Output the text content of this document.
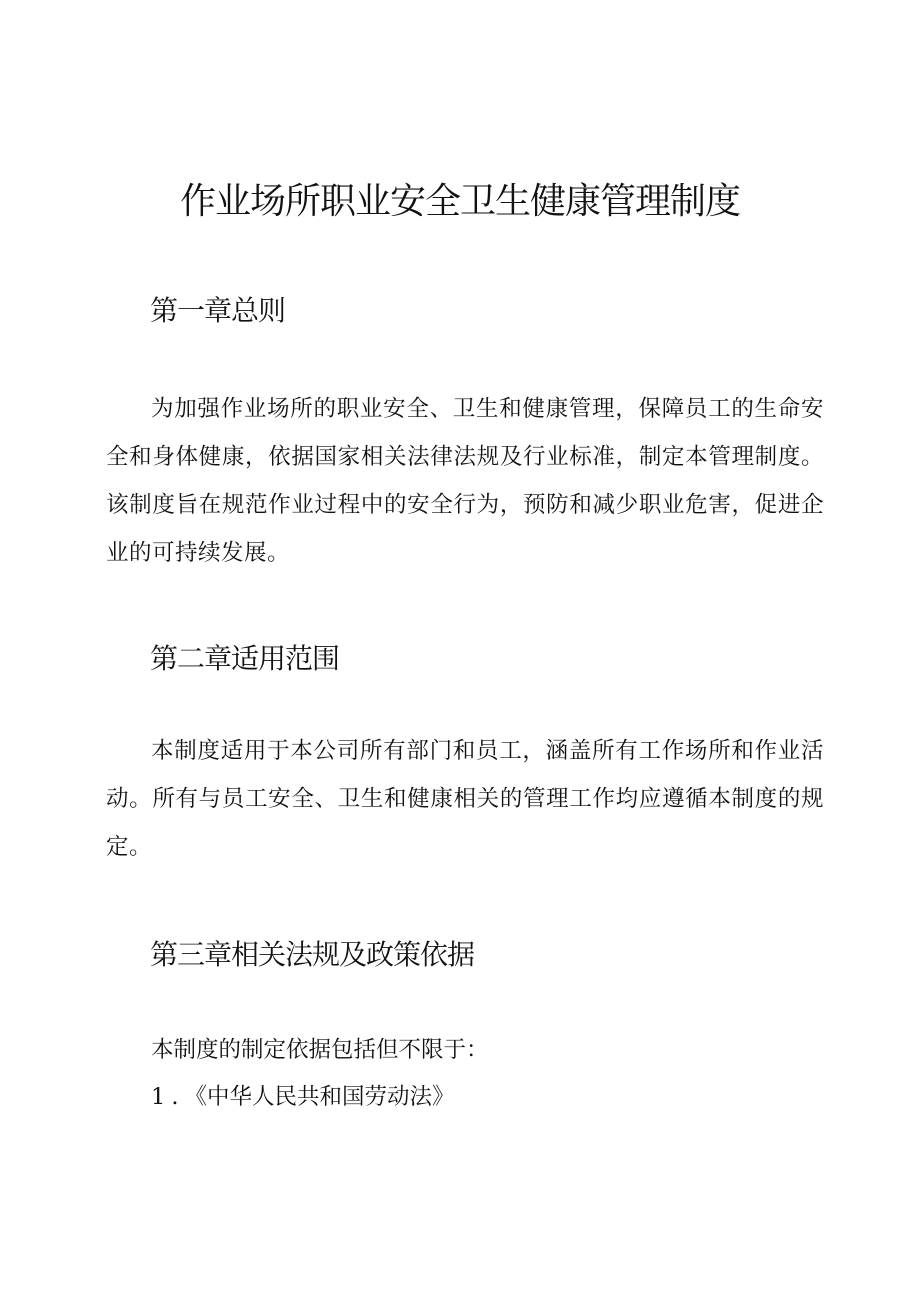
作业场所职业安全卫生健康管理制度
第一章总则

为加强作业场所的职业安全、卫生和健康管理，保障员工的生命安全和身体健康，依据国家相关法律法规及行业标准，制定本管理制度。该制度旨在规范作业过程中的安全行为，预防和减少职业危害，促进企业的可持续发展。

第二章适用范围

本制度适用于本公司所有部门和员工，涵盖所有工作场所和作业活动。所有与员工安全、卫生和健康相关的管理工作均应遵循本制度的规定。

第三章相关法规及政策依据

本制度的制定依据包括但不限于：

1.《中华人民共和国劳动法》
